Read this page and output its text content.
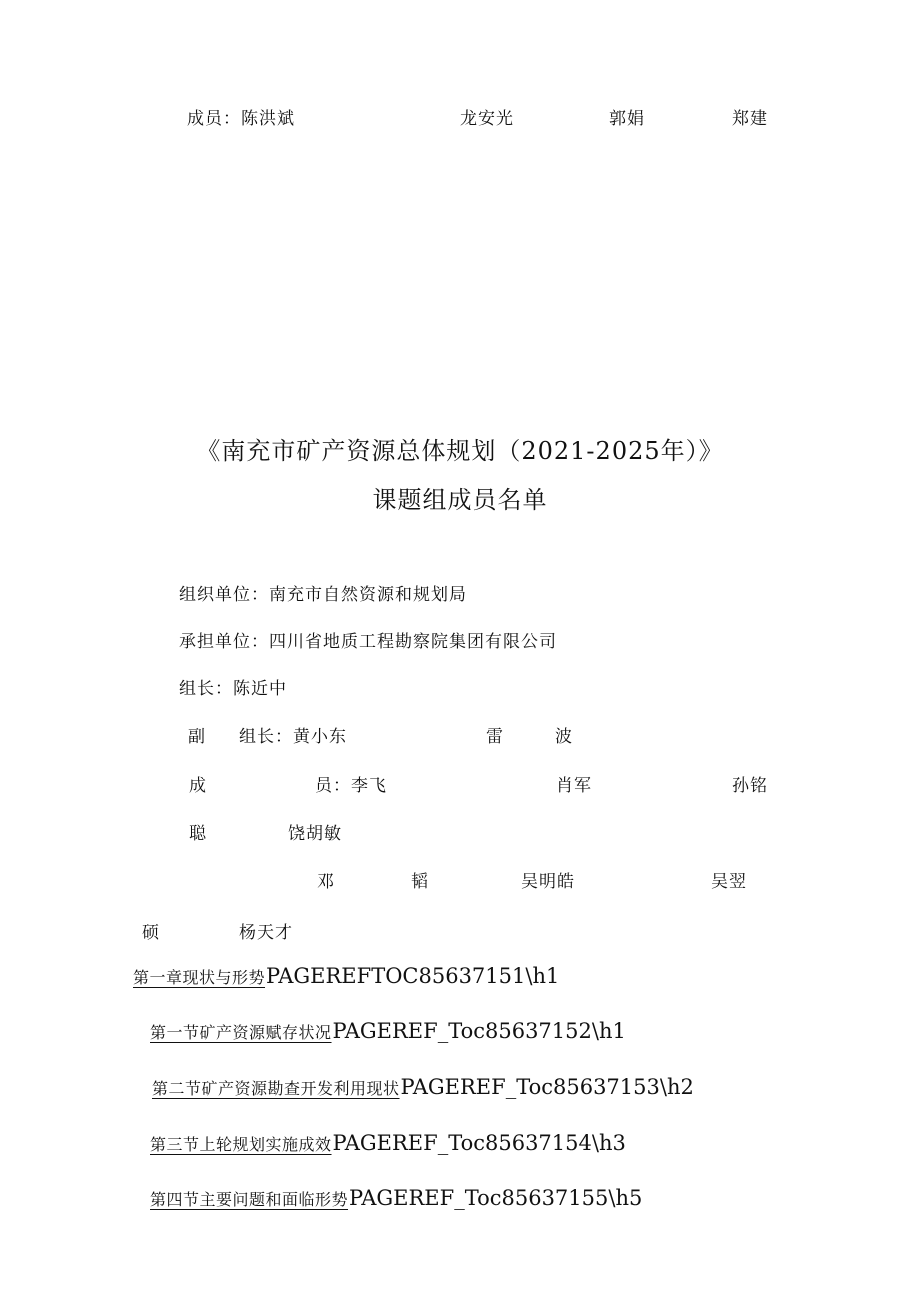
成员：陈洪斌	龙安光	郭娟	郑建
《南充市矿产资源总体规划（2021-2025年）》
课题组成员名单
组织单位：南充市自然资源和规划局
承担单位：四川省地质工程勘察院集团有限公司
组长：陈近中
副 组长：黄小东	雷	波
成	员：李飞	肖军	孙铭
聪	饶胡敏
邓	韬	吴明皓	吴翌
硕	杨天才
第一章现状与形势 PAGEREFTOC85637151\h1
第一节矿产资源赋存状况 PAGEREF_Toc85637152\h1
第二节矿产资源勘查开发利用现状 PAGEREF_Toc85637153\h2
第三节上轮规划实施成效 PAGEREF_Toc85637154\h3
第四节主要问题和面临形势 PAGEREF_Toc85637155\h5
